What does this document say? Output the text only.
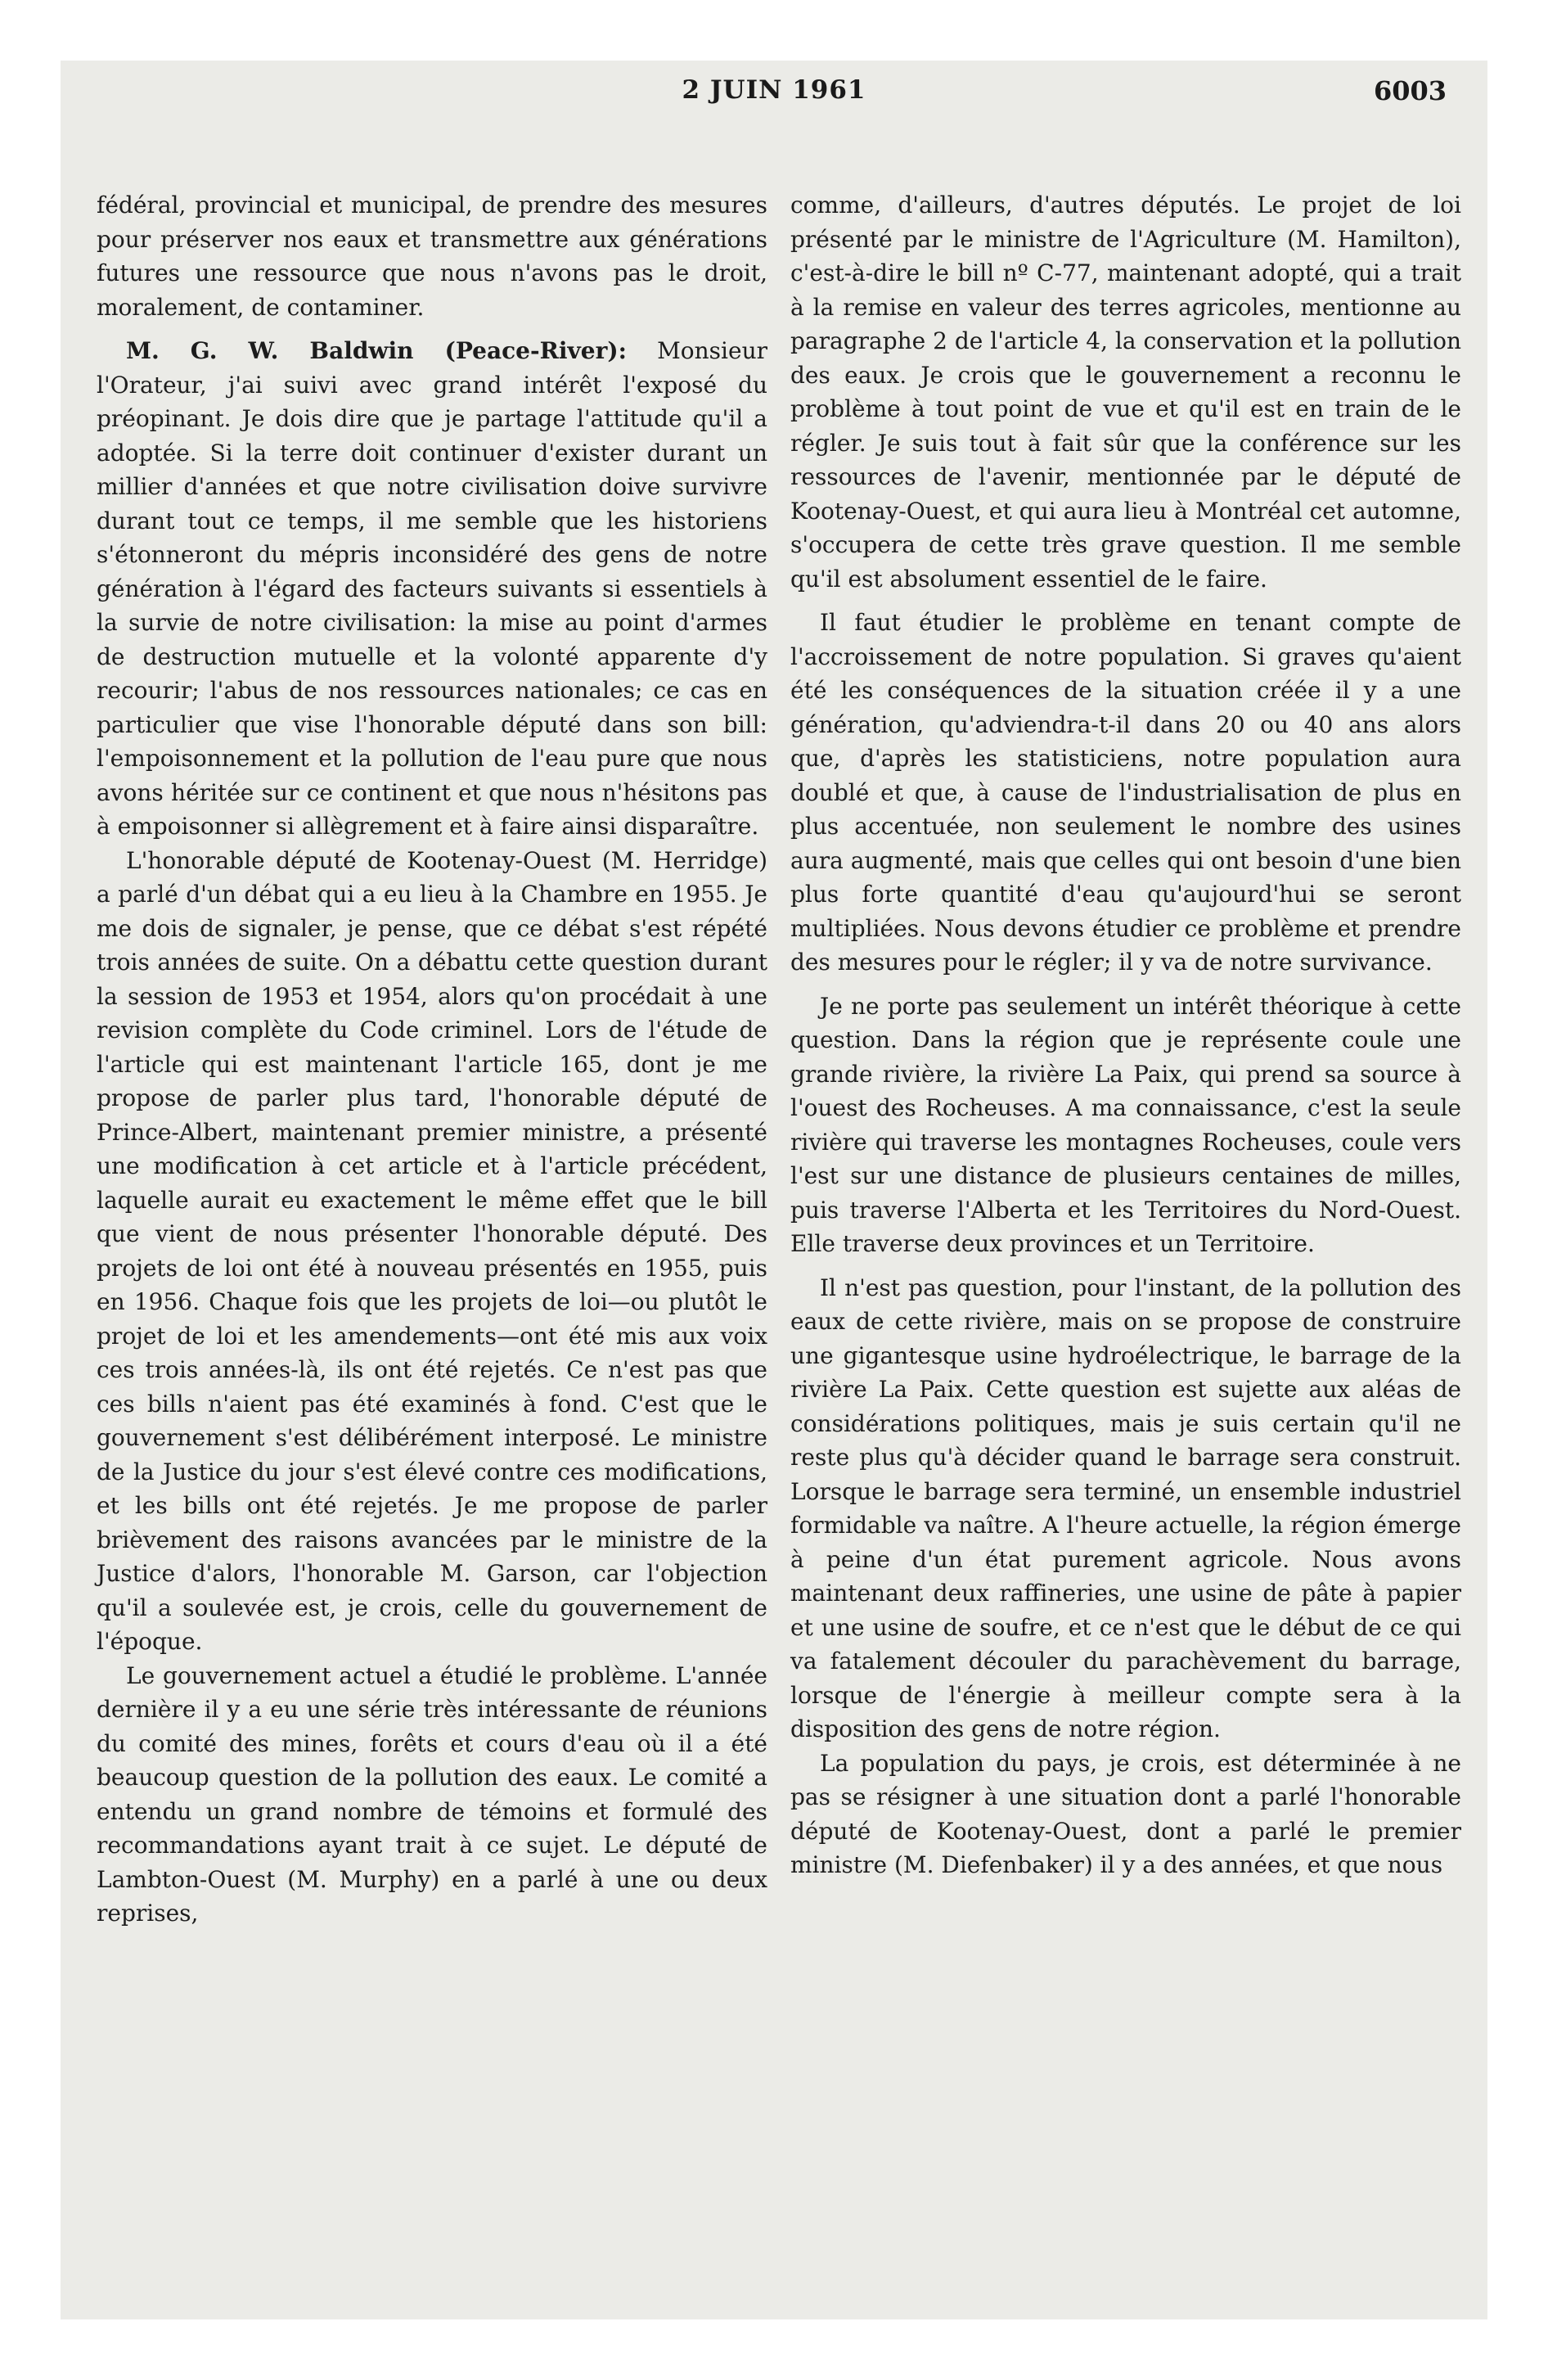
2 JUIN 1961	6003

fédéral, provincial et municipal, de prendre des mesures pour préserver nos eaux et transmettre aux générations futures une ressource que nous n'avons pas le droit, moralement, de contaminer.

M. G. W. Baldwin (Peace-River): Monsieur l'Orateur, j'ai suivi avec grand intérêt l'exposé du préopinant. Je dois dire que je partage l'attitude qu'il a adoptée. Si la terre doit continuer d'exister durant un millier d'années et que notre civilisation doive survivre durant tout ce temps, il me semble que les historiens s'étonneront du mépris inconsidéré des gens de notre génération à l'égard des facteurs suivants si essentiels à la survie de notre civilisation: la mise au point d'armes de destruction mutuelle et la volonté apparente d'y recourir; l'abus de nos ressources nationales; ce cas en particulier que vise l'honorable député dans son bill: l'empoisonnement et la pollution de l'eau pure que nous avons héritée sur ce continent et que nous n'hésitons pas à empoisonner si allègrement et à faire ainsi disparaître.

L'honorable député de Kootenay-Ouest (M. Herridge) a parlé d'un débat qui a eu lieu à la Chambre en 1955. Je me dois de signaler, je pense, que ce débat s'est répété trois années de suite. On a débattu cette question durant la session de 1953 et 1954, alors qu'on procédait à une revision complète du Code criminel. Lors de l'étude de l'article qui est maintenant l'article 165, dont je me propose de parler plus tard, l'honorable député de Prince-Albert, maintenant premier ministre, a présenté une modification à cet article et à l'article précédent, laquelle aurait eu exactement le même effet que le bill que vient de nous présenter l'honorable député. Des projets de loi ont été à nouveau présentés en 1955, puis en 1956. Chaque fois que les projets de loi—ou plutôt le projet de loi et les amendements—ont été mis aux voix ces trois années-là, ils ont été rejetés. Ce n'est pas que ces bills n'aient pas été examinés à fond. C'est que le gouvernement s'est délibérément interposé. Le ministre de la Justice du jour s'est élevé contre ces modifications, et les bills ont été rejetés. Je me propose de parler brièvement des raisons avancées par le ministre de la Justice d'alors, l'honorable M. Garson, car l'objection qu'il a soulevée est, je crois, celle du gouvernement de l'époque.

Le gouvernement actuel a étudié le problème. L'année dernière il y a eu une série très intéressante de réunions du comité des mines, forêts et cours d'eau où il a été beaucoup question de la pollution des eaux. Le comité a entendu un grand nombre de témoins et formulé des recommandations ayant trait à ce sujet. Le député de Lambton-Ouest (M. Murphy) en a parlé à une ou deux reprises,

comme, d'ailleurs, d'autres députés. Le projet de loi présenté par le ministre de l'Agriculture (M. Hamilton), c'est-à-dire le bill nº C-77, maintenant adopté, qui a trait à la remise en valeur des terres agricoles, mentionne au paragraphe 2 de l'article 4, la conservation et la pollution des eaux. Je crois que le gouvernement a reconnu le problème à tout point de vue et qu'il est en train de le régler. Je suis tout à fait sûr que la conférence sur les ressources de l'avenir, mentionnée par le député de Kootenay-Ouest, et qui aura lieu à Montréal cet automne, s'occupera de cette très grave question. Il me semble qu'il est absolument essentiel de le faire.

Il faut étudier le problème en tenant compte de l'accroissement de notre population. Si graves qu'aient été les conséquences de la situation créée il y a une génération, qu'adviendra-t-il dans 20 ou 40 ans alors que, d'après les statisticiens, notre population aura doublé et que, à cause de l'industrialisation de plus en plus accentuée, non seulement le nombre des usines aura augmenté, mais que celles qui ont besoin d'une bien plus forte quantité d'eau qu'aujourd'hui se seront multipliées. Nous devons étudier ce problème et prendre des mesures pour le régler; il y va de notre survivance.

Je ne porte pas seulement un intérêt théorique à cette question. Dans la région que je représente coule une grande rivière, la rivière La Paix, qui prend sa source à l'ouest des Rocheuses. A ma connaissance, c'est la seule rivière qui traverse les montagnes Rocheuses, coule vers l'est sur une distance de plusieurs centaines de milles, puis traverse l'Alberta et les Territoires du Nord-Ouest. Elle traverse deux provinces et un Territoire.

Il n'est pas question, pour l'instant, de la pollution des eaux de cette rivière, mais on se propose de construire une gigantesque usine hydroélectrique, le barrage de la rivière La Paix. Cette question est sujette aux aléas de considérations politiques, mais je suis certain qu'il ne reste plus qu'à décider quand le barrage sera construit. Lorsque le barrage sera terminé, un ensemble industriel formidable va naître. A l'heure actuelle, la région émerge à peine d'un état purement agricole. Nous avons maintenant deux raffineries, une usine de pâte à papier et une usine de soufre, et ce n'est que le début de ce qui va fatalement découler du parachèvement du barrage, lorsque de l'énergie à meilleur compte sera à la disposition des gens de notre région.

La population du pays, je crois, est déterminée à ne pas se résigner à une situation dont a parlé l'honorable député de Kootenay-Ouest, dont a parlé le premier ministre (M. Diefenbaker) il y a des années, et que nous
